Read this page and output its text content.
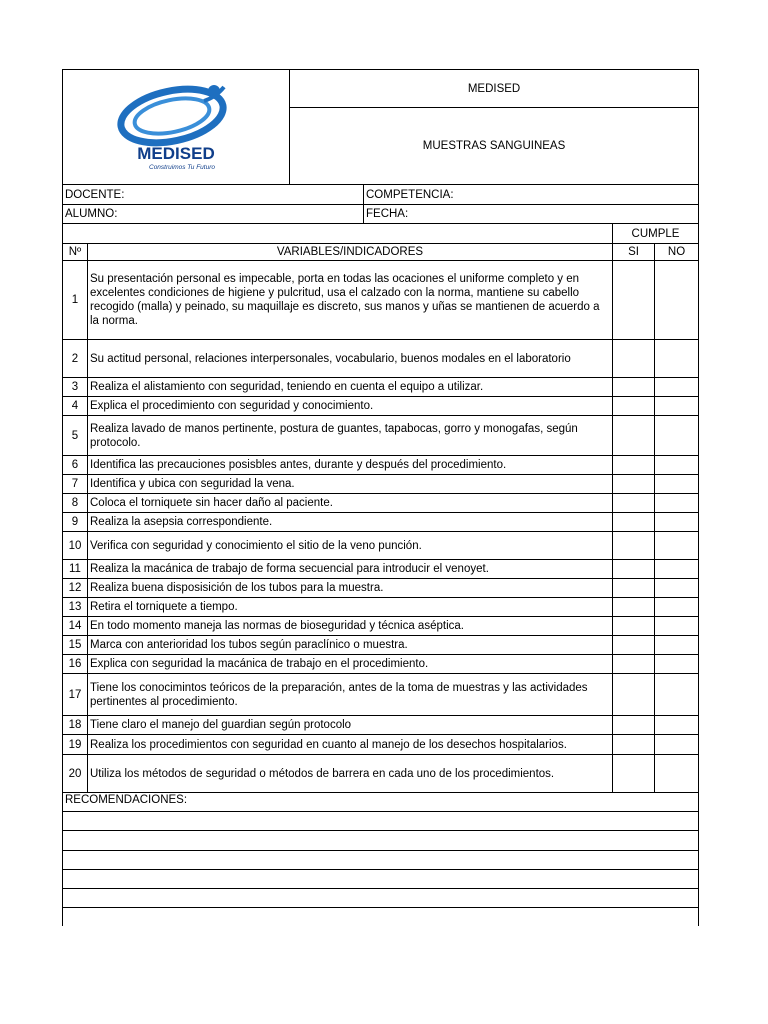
MEDISED
Construimos Tu Futuro		MEDISED			
		MUESTRAS SANGUINEAS			
DOCENTE:			COMPETENCIA:		
ALUMNO:			FECHA:		
				CUMPLE	
Nº	VARIABLES/INDICADORES			SI	NO
1	Su presentación personal es impecable, porta en todas las ocaciones el uniforme completo y en excelentes condiciones de higiene y pulcritud, usa el calzado con la norma, mantiene su cabello recogido (malla) y peinado, su maquillaje es discreto, sus manos y uñas se mantienen de acuerdo a la norma.				
2	Su actitud personal, relaciones interpersonales, vocabulario, buenos modales en el laboratorio				
3	Realiza el alistamiento con seguridad, teniendo en cuenta el equipo a utilizar.				
4	Explica el procedimiento con seguridad y conocimiento.				
5	Realiza lavado de manos pertinente, postura de guantes, tapabocas, gorro y monogafas, según protocolo.				
6	Identifica las precauciones posisbles antes, durante y después del procedimiento.				
7	Identifica y ubica con seguridad la vena.				
8	Coloca el torniquete sin hacer daño al paciente.				
9	Realiza la asepsia correspondiente.				
10	Verifica con seguridad y conocimiento el sitio de la veno punción.				
11	Realiza la macánica de trabajo de forma secuencial para introducir el venoyet.				
12	Realiza buena disposisición de los tubos para la muestra.				
13	Retira el torniquete a tiempo.				
14	En todo momento maneja las normas de bioseguridad y técnica aséptica.				
15	Marca con anterioridad los tubos según paraclínico o muestra.				
16	Explica con seguridad la macánica de trabajo en el procedimiento.				
17	Tiene los conocimintos teóricos de la preparación, antes de la toma de muestras y las actividades pertinentes al procedimiento.				
18	Tiene claro el manejo del guardian según protocolo				
19	Realiza los procedimientos con seguridad en cuanto al manejo de los desechos hospitalarios.				
20	Utiliza los métodos de seguridad o métodos de barrera en cada uno de los procedimientos.				
RECOMENDACIONES:					
